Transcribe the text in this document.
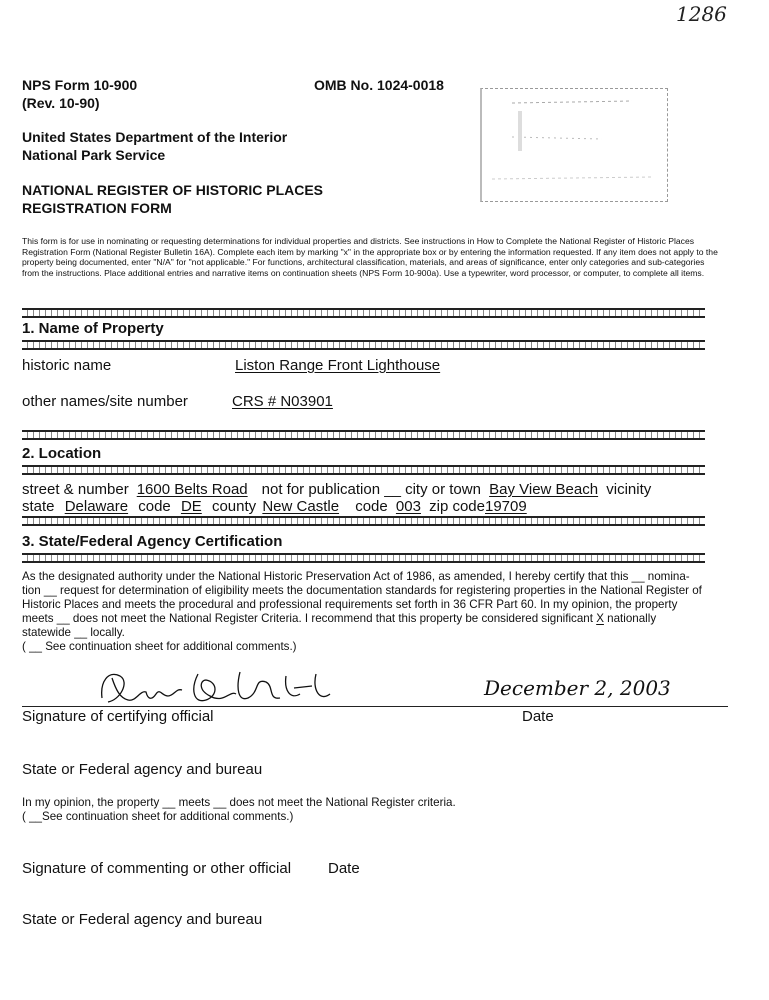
1286
NPS Form 10-900
(Rev. 10-90)
OMB No. 1024-0018
United States Department of the Interior
National Park Service
NATIONAL REGISTER OF HISTORIC PLACES
REGISTRATION FORM
This form is for use in nominating or requesting determinations for individual properties and districts. See instructions in How to Complete the National Register of Historic Places Registration Form (National Register Bulletin 16A). Complete each item by marking "x" in the appropriate box or by entering the information requested. If any item does not apply to the property being documented, enter "N/A" for "not applicable." For functions, architectural classification, materials, and areas of significance, enter only categories and sub-categories from the instructions. Place additional entries and narrative items on continuation sheets (NPS Form 10-900a). Use a typewriter, word processor, or computer, to complete all items.
1. Name of Property
historic name	Liston Range Front Lighthouse
other names/site number	CRS # N03901
2. Location
street & number 1600 Belts Road not for publication __ city or town Bay View Beach vicinity
state Delaware code DE county New Castle code 003 zip code19709
3. State/Federal Agency Certification
As the designated authority under the National Historic Preservation Act of 1986, as amended, I hereby certify that this __ nomina-
tion __ request for determination of eligibility meets the documentation standards for registering properties in the National Register of
Historic Places and meets the procedural and professional requirements set forth in 36 CFR Part 60. In my opinion, the property
meets __ does not meet the National Register Criteria. I recommend that this property be considered significant X nationally
statewide __ locally.
( __ See continuation sheet for additional comments.)
December 2, 2003
Signature of certifying official	Date
State or Federal agency and bureau
In my opinion, the property __ meets __ does not meet the National Register criteria.
( __See continuation sheet for additional comments.)
Signature of commenting or other official Date
State or Federal agency and bureau
